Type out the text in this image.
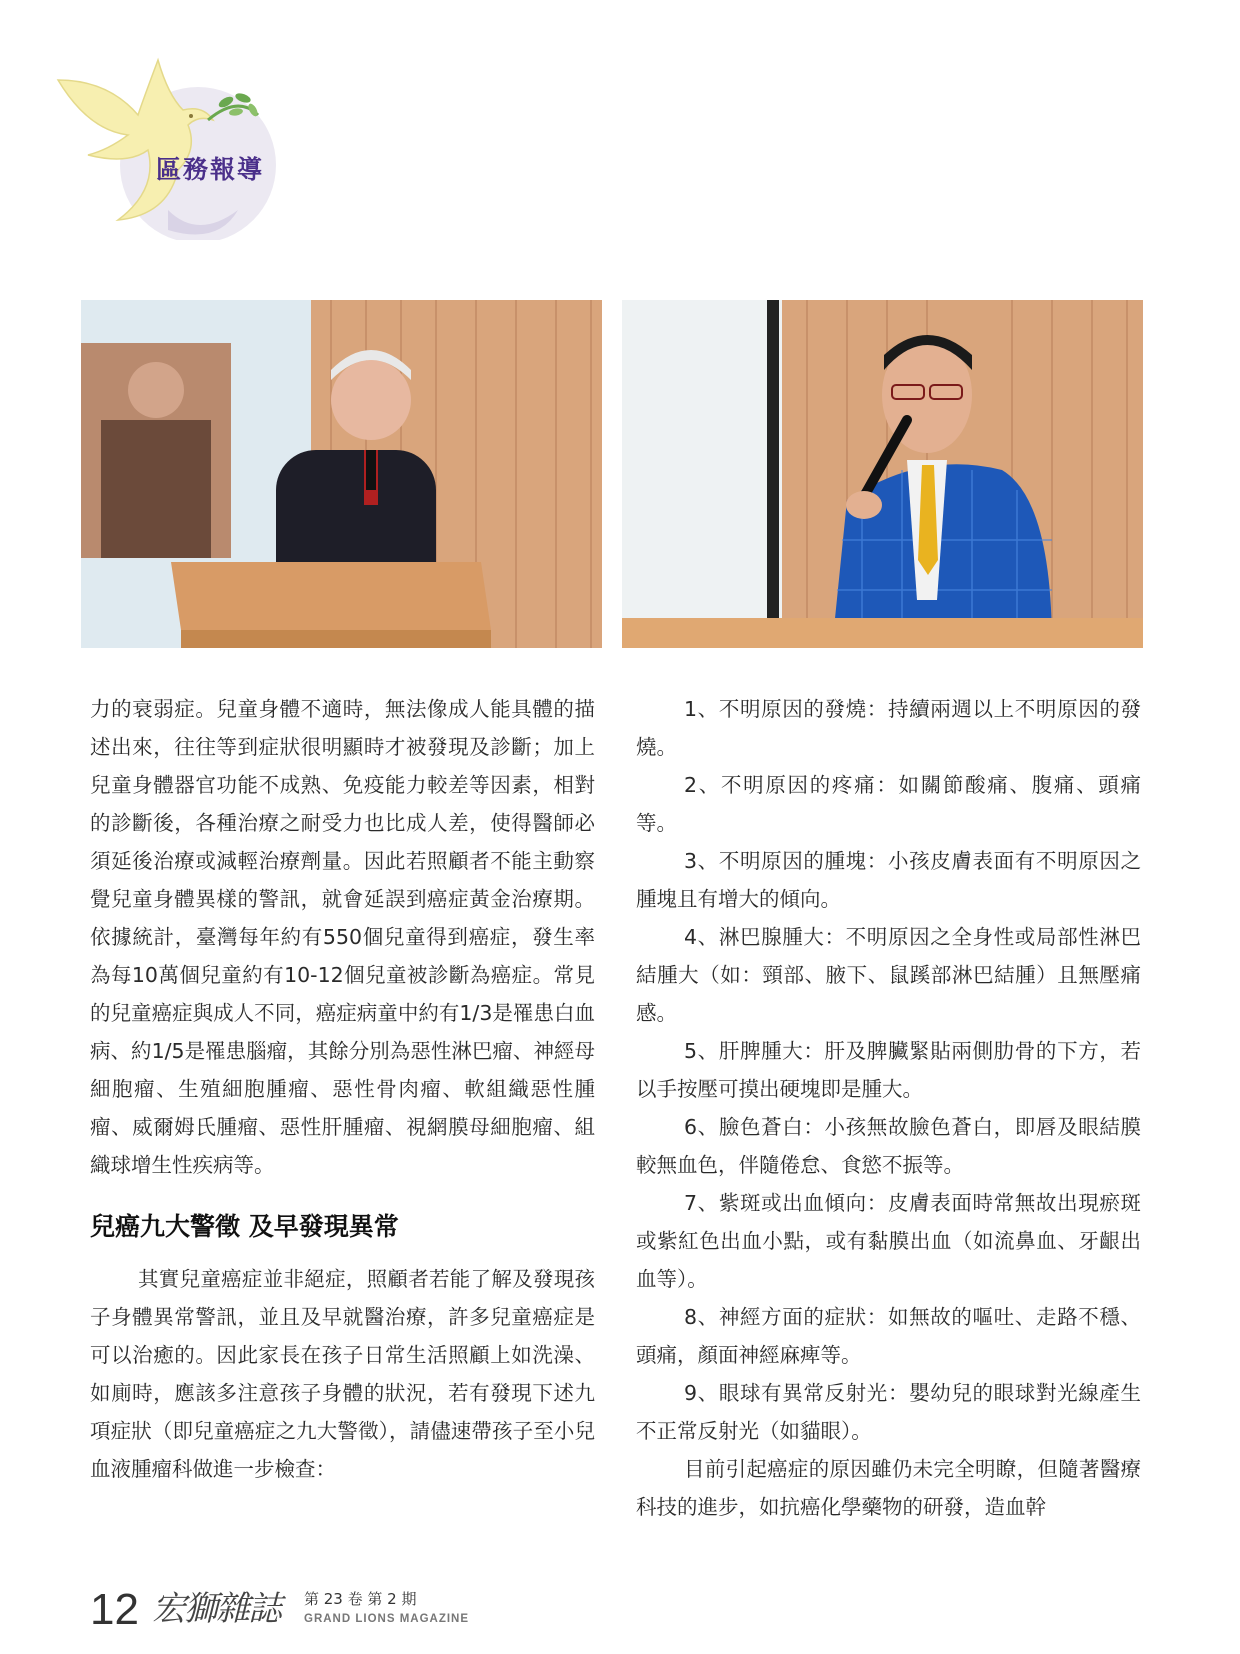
區務報導

力的衰弱症。兒童身體不適時，無法像成人能具體的描述出來，往往等到症狀很明顯時才被發現及診斷；加上兒童身體器官功能不成熟、免疫能力較差等因素，相對的診斷後，各種治療之耐受力也比成人差，使得醫師必須延後治療或減輕治療劑量。因此若照顧者不能主動察覺兒童身體異樣的警訊，就會延誤到癌症黃金治療期。依據統計，臺灣每年約有550個兒童得到癌症，發生率為每10萬個兒童約有10-12個兒童被診斷為癌症。常見的兒童癌症與成人不同，癌症病童中約有1/3是罹患白血病、約1/5是罹患腦瘤，其餘分別為惡性淋巴瘤、神經母細胞瘤、生殖細胞腫瘤、惡性骨肉瘤、軟組織惡性腫瘤、威爾姆氏腫瘤、惡性肝腫瘤、視網膜母細胞瘤、組織球增生性疾病等。

兒癌九大警徵 及早發現異常

其實兒童癌症並非絕症，照顧者若能了解及發現孩子身體異常警訊，並且及早就醫治療，許多兒童癌症是可以治癒的。因此家長在孩子日常生活照顧上如洗澡、如廁時，應該多注意孩子身體的狀況，若有發現下述九項症狀（即兒童癌症之九大警徵），請儘速帶孩子至小兒血液腫瘤科做進一步檢查：

1、不明原因的發燒：持續兩週以上不明原因的發燒。

2、不明原因的疼痛：如關節酸痛、腹痛、頭痛等。

3、不明原因的腫塊：小孩皮膚表面有不明原因之腫塊且有增大的傾向。

4、淋巴腺腫大：不明原因之全身性或局部性淋巴結腫大（如：頸部、腋下、鼠蹊部淋巴結腫）且無壓痛感。

5、肝脾腫大：肝及脾臟緊貼兩側肋骨的下方，若以手按壓可摸出硬塊即是腫大。

6、臉色蒼白：小孩無故臉色蒼白，即唇及眼結膜較無血色，伴隨倦怠、食慾不振等。

7、紫斑或出血傾向：皮膚表面時常無故出現瘀斑或紫紅色出血小點，或有黏膜出血（如流鼻血、牙齦出血等）。

8、神經方面的症狀：如無故的嘔吐、走路不穩、頭痛，顏面神經麻痺等。

9、眼球有異常反射光：嬰幼兒的眼球對光線產生不正常反射光（如貓眼）。

目前引起癌症的原因雖仍未完全明瞭，但隨著醫療科技的進步，如抗癌化學藥物的研發，造血幹

12 宏獅雜誌 第 23 卷 第 2 期
GRAND LIONS MAGAZINE
